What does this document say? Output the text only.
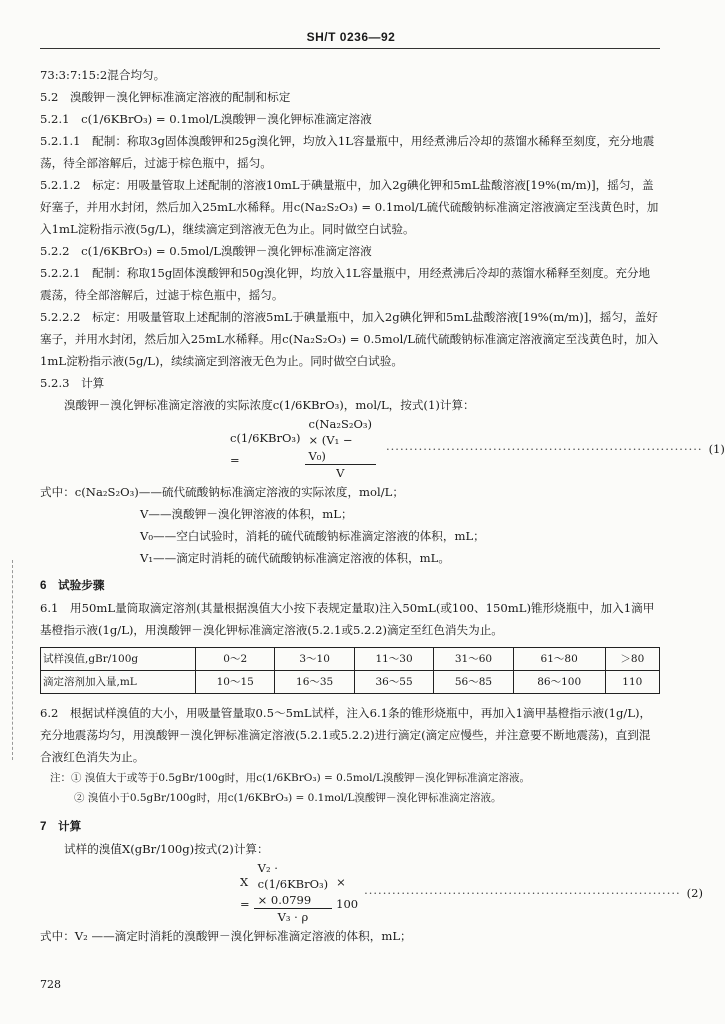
SH/T 0236—92

73:3:7:15:2混合均匀。

5.2　溴酸钾－溴化钾标准滴定溶液的配制和标定

5.2.1　c(1/6KBrO₃) = 0.1mol/L溴酸钾－溴化钾标准滴定溶液

5.2.1.1　配制：称取3g固体溴酸钾和25g溴化钾，均放入1L容量瓶中，用经煮沸后冷却的蒸馏水稀释至刻度，充分地震荡，待全部溶解后，过滤于棕色瓶中，摇匀。

5.2.1.2　标定：用吸量管取上述配制的溶液10mL于碘量瓶中，加入2g碘化钾和5mL盐酸溶液[19%(m/m)]，摇匀，盖好塞子，并用水封闭，然后加入25mL水稀释。用c(Na₂S₂O₃) = 0.1mol/L硫代硫酸钠标准滴定溶液滴定至浅黄色时，加入1mL淀粉指示液(5g/L)，继续滴定到溶液无色为止。同时做空白试验。

5.2.2　c(1/6KBrO₃) = 0.5mol/L溴酸钾－溴化钾标准滴定溶液

5.2.2.1　配制：称取15g固体溴酸钾和50g溴化钾，均放入1L容量瓶中，用经煮沸后冷却的蒸馏水稀释至刻度。充分地震荡，待全部溶解后，过滤于棕色瓶中，摇匀。

5.2.2.2　标定：用吸量管取上述配制的溶液5mL于碘量瓶中，加入2g碘化钾和5mL盐酸溶液[19%(m/m)]，摇匀，盖好塞子，并用水封闭，然后加入25mL水稀释。用c(Na₂S₂O₃) = 0.5mol/L硫代硫酸钠标准滴定溶液滴定至浅黄色时，加入1mL淀粉指示液(5g/L)，续续滴定到溶液无色为止。同时做空白试验。

5.2.3　计算

溴酸钾－溴化钾标准滴定溶液的实际浓度c(1/6KBrO₃)，mol/L，按式(1)计算：

c(1/6KBrO₃) =	$\frac{\text{c(Na₂S₂O₃) × (V₁ − V₀)}}{V}$ ···································································· (1)

式中：c(Na₂S₂O₃)——硫代硫酸钠标准滴定溶液的实际浓度，mol/L；

V——溴酸钾－溴化钾溶液的体积，mL；

V₀——空白试验时，消耗的硫代硫酸钠标准滴定溶液的体积，mL；

V₁——滴定时消耗的硫代硫酸钠标准滴定溶液的体积，mL。

6　试验步骤

6.1　用50mL量筒取滴定溶剂(其量根据溴值大小按下表规定量取)注入50mL(或100、150mL)锥形烧瓶中，加入1滴甲基橙指示液(1g/L)，用溴酸钾－溴化钾标准滴定溶液(5.2.1或5.2.2)滴定至红色消失为止。

试样溴值,gBr/100g	0～2	3～10	11～30	31～60	61～80	＞80
滴定溶剂加入量,mL	10～15	16～35	36～55	56～85	86～100	110

6.2　根据试样溴值的大小，用吸量管量取0.5～5mL试样，注入6.1条的锥形烧瓶中，再加入1滴甲基橙指示液(1g/L)，充分地震荡均匀，用溴酸钾－溴化钾标准滴定溶液(5.2.1或5.2.2)进行滴定(滴定应慢些，并注意要不断地震荡)，直到混合液红色消失为止。

注：① 溴值大于或等于0.5gBr/100g时，用c(1/6KBrO₃) = 0.5mol/L溴酸钾－溴化钾标准滴定溶液。

② 溴值小于0.5gBr/100g时，用c(1/6KBrO₃) = 0.1mol/L溴酸钾－溴化钾标准滴定溶液。

7　计算

试样的溴值X(gBr/100g)按式(2)计算：

$X = \frac{\text{V₂ · c(1/6KBrO₃) × 0.0799}}{\text{V₃ · ρ}} \times 100$
···································································· (2)

式中：V₂ ——滴定时消耗的溴酸钾－溴化钾标准滴定溶液的体积，mL；

728
